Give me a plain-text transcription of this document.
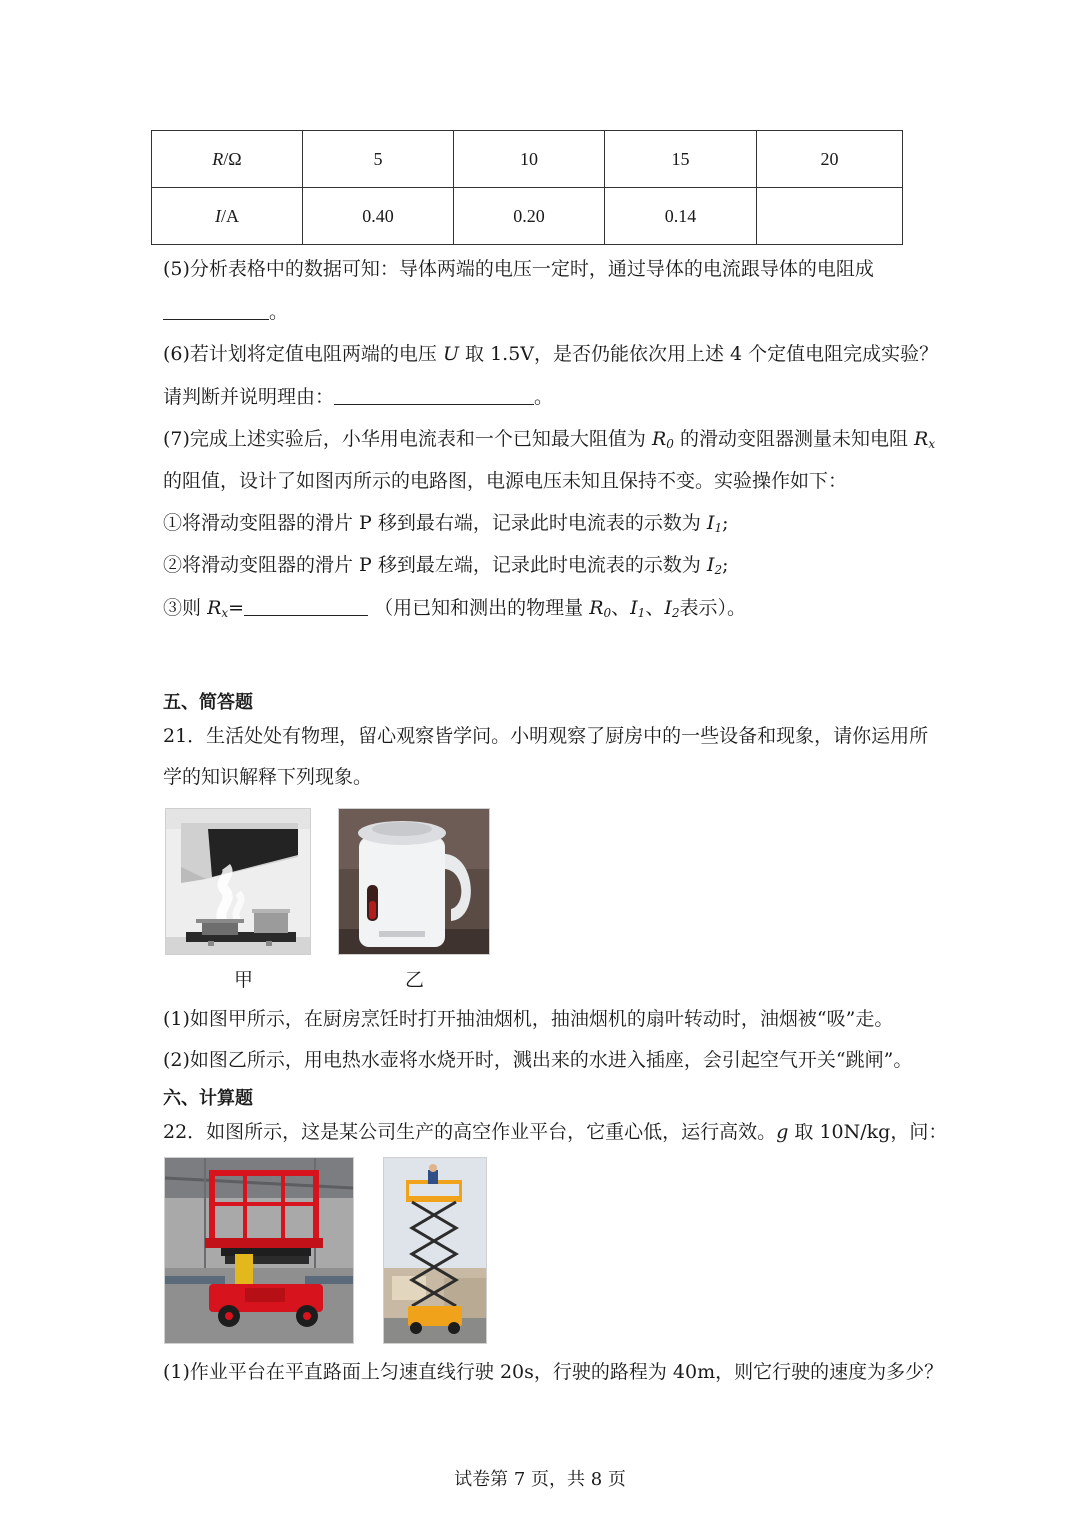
R/Ω	5	10	15	20
I/A	0.40	0.20	0.14	
(5)分析表格中的数据可知：导体两端的电压一定时，通过导体的电流跟导体的电阻成
。
(6)若计划将定值电阻两端的电压 U 取 1.5V，是否仍能依次用上述 4 个定值电阻完成实验？
请判断并说明理由：	。
(7)完成上述实验后，小华用电流表和一个已知最大阻值为 $R_0$ 的滑动变阻器测量未知电阻 $R_x$
的阻值，设计了如图丙所示的电路图，电源电压未知且保持不变。实验操作如下：
①将滑动变阻器的滑片 P 移到最右端，记录此时电流表的示数为 $I_1$;
②将滑动变阻器的滑片 P 移到最左端，记录此时电流表的示数为 $I_2$;
③则 $R_x=$	（用已知和测出的物理量 $R_0$、$I_1$、$I_2$表示）。
五、简答题
21．生活处处有物理，留心观察皆学问。小明观察了厨房中的一些设备和现象，请你运用所
学的知识解释下列现象。
甲	乙
(1)如图甲所示，在厨房烹饪时打开抽油烟机，抽油烟机的扇叶转动时，油烟被“吸”走。
(2)如图乙所示，用电热水壶将水烧开时，溅出来的水进入插座，会引起空气开关“跳闸”。
六、计算题
22．如图所示，这是某公司生产的高空作业平台，它重心低，运行高效。g 取 10N/kg，问：
(1)作业平台在平直路面上匀速直线行驶 20s，行驶的路程为 40m，则它行驶的速度为多少？
试卷第 7 页，共 8 页
